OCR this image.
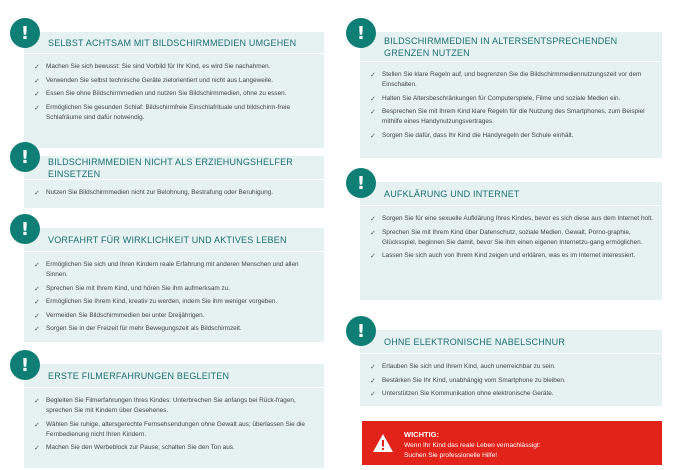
!	SELBST ACHTSAM MIT BILDSCHIRMMEDIEN UMGEHEN
✓ Machen Sie sich bewusst: Sie sind Vorbild für Ihr Kind, es wird Sie nachahmen.
✓ Verwenden Sie selbst technische Geräte zielorientiert und nicht aus Langeweile.
✓ Essen Sie ohne Bildschirmmedien und nutzen Sie Bildschirmmedien, ohne zu essen.
✓ Ermöglichen Sie gesunden Schlaf: Bildschirmfreie Einschlafrituale und bildschirm-freie Schlafräume sind dafür notwendig.
!	BILDSCHIRMMEDIEN NICHT ALS ERZIEHUNGSHELFER EINSETZEN
✓ Nutzen Sie Bildschirmmedien nicht zur Belohnung, Bestrafung oder Beruhigung.
!	VORFAHRT FÜR WIRKLICHKEIT UND AKTIVES LEBEN
✓ Ermöglichen Sie sich und Ihren Kindern reale Erfahrung mit anderen Menschen und allen Sinnen.
✓ Sprechen Sie mit Ihrem Kind, und hören Sie ihm aufmerksam zu.
✓ Ermöglichen Sie Ihrem Kind, kreativ zu werden, indem Sie ihm weniger vorgeben.
✓ Vermeiden Sie Bildschirmmedien bei unter Dreijährigen.
✓ Sorgen Sie in der Freizeit für mehr Bewegungszeit als Bildschirmzeit.
!	ERSTE FILMERFAHRUNGEN BEGLEITEN
✓ Begleiten Sie Filmerfahrungen Ihres Kindes: Unterbrechen Sie anfangs bei Rück-fragen, sprechen Sie mit Kindern über Gesehenes.
✓ Wählen Sie ruhige, altersgerechte Fernsehsendungen ohne Gewalt aus; überlassen Sie die Fernbedienung nicht Ihren Kindern.
✓ Machen Sie den Werbeblock zur Pause; schalten Sie den Ton aus.
!	BILDSCHIRMMEDIEN IN ALTERSENTSPRECHENDEN GRENZEN NUTZEN
✓ Stellen Sie klare Regeln auf, und begrenzen Sie die Bildschirmmediennutzungszeit vor dem Einschalten.
✓ Halten Sie Altersbeschränkungen für Computerspiele, Filme und soziale Medien ein.
✓ Besprechen Sie mit Ihrem Kind klare Regeln für die Nutzung des Smartphones, zum Beispiel mithilfe eines Handynutzungsvertrages.
✓ Sorgen Sie dafür, dass Ihr Kind die Handyregeln der Schule einhält.
!	AUFKLÄRUNG UND INTERNET
✓ Sorgen Sie für eine sexuelle Aufklärung Ihres Kindes, bevor es sich diese aus dem Internet holt.
✓ Sprechen Sie mit Ihrem Kind über Datenschutz, soziale Medien, Gewalt, Porno-graphie, Glücksspiel, beginnen Sie damit, bevor Sie ihm einen eigenen Internetzu-gang ermöglichen.
✓ Lassen Sie sich auch von Ihrem Kind zeigen und erklären, was es im Internet interessiert.
!	OHNE ELEKTRONISCHE NABELSCHNUR
✓ Erlauben Sie sich und Ihrem Kind, auch unerreichbar zu sein.
✓ Bestärken Sie Ihr Kind, unabhängig vom Smartphone zu bleiben.
✓ Unterstützen Sie Kommunikation ohne elektronische Geräte.
WICHTIG:
Wenn Ihr Kind das reale Leben vernachlässigt:
Suchen Sie professionelle Hilfe!
